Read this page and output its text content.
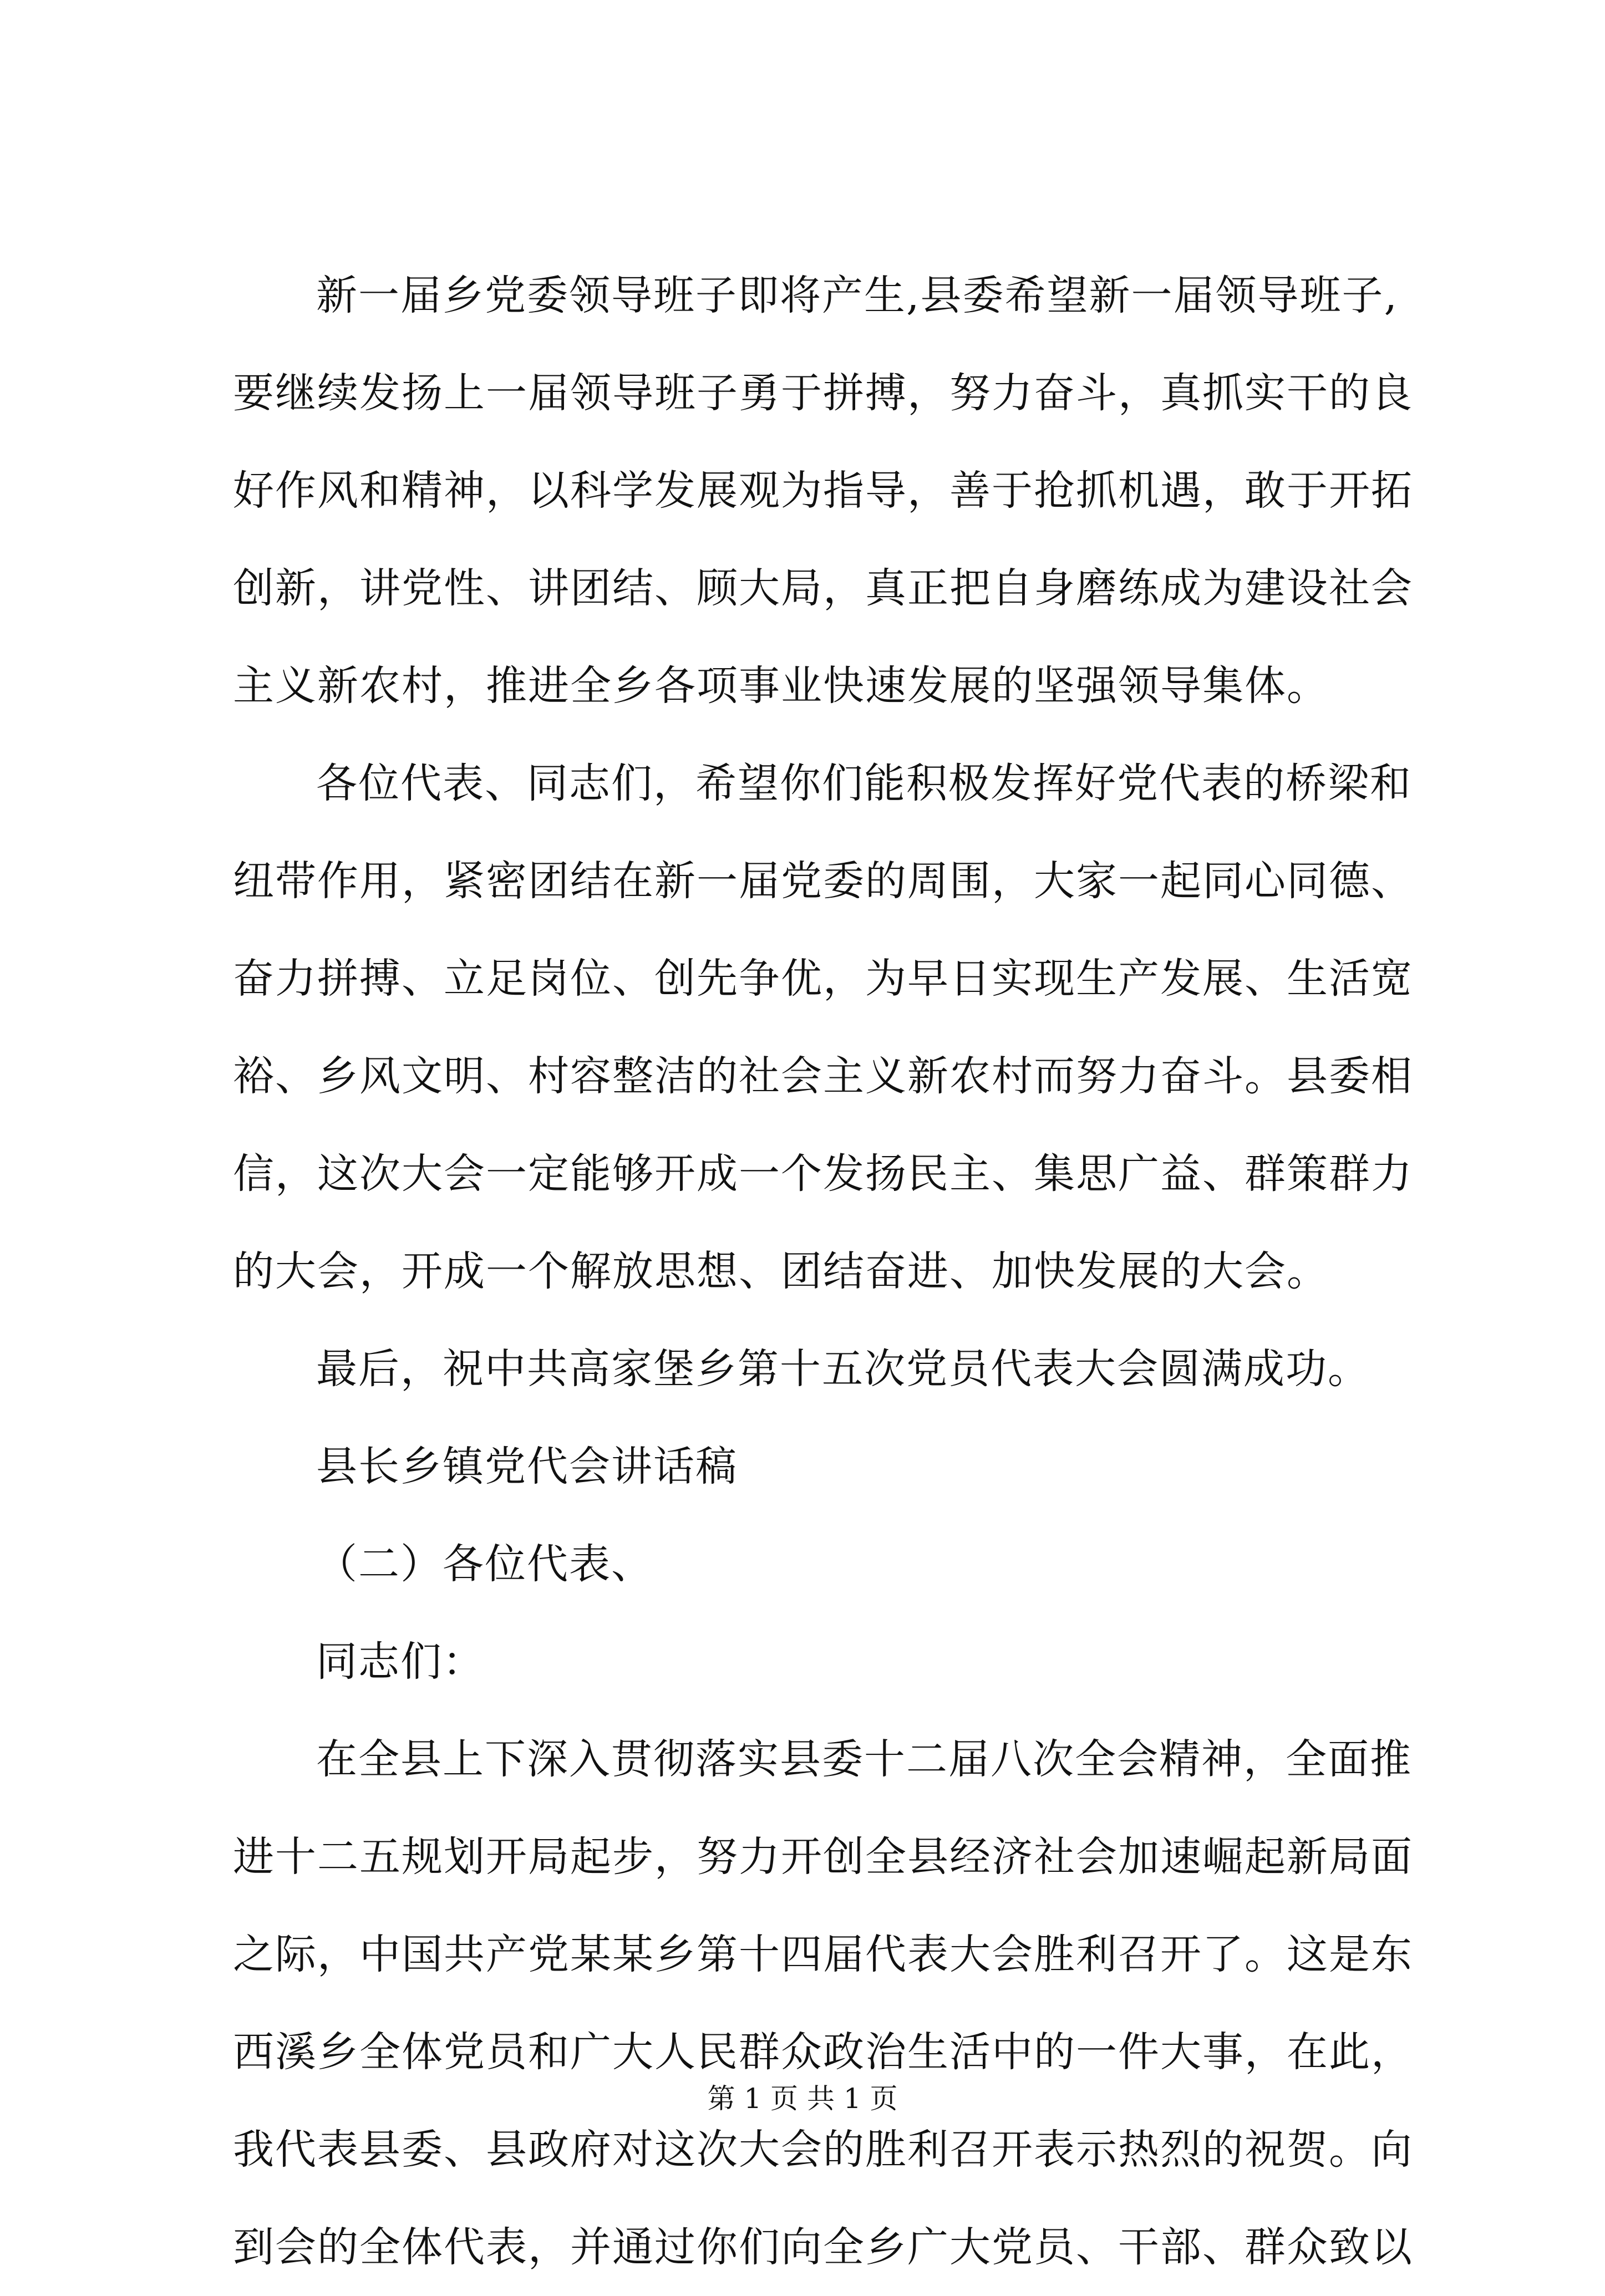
新一届乡党委领导班子即将产生,县委希望新一届领导班子,
要继续发扬上一届领导班子勇于拼搏，努力奋斗，真抓实干的良
好作风和精神，以科学发展观为指导，善于抢抓机遇，敢于开拓
创新，讲党性、讲团结、顾大局，真正把自身磨练成为建设社会
主义新农村，推进全乡各项事业快速发展的坚强领导集体。
各位代表、同志们，希望你们能积极发挥好党代表的桥梁和
纽带作用，紧密团结在新一届党委的周围，大家一起同心同德、
奋力拼搏、立足岗位、创先争优，为早日实现生产发展、生活宽
裕、乡风文明、村容整洁的社会主义新农村而努力奋斗。县委相
信，这次大会一定能够开成一个发扬民主、集思广益、群策群力
的大会，开成一个解放思想、团结奋进、加快发展的大会。
最后，祝中共高家堡乡第十五次党员代表大会圆满成功。
县长乡镇党代会讲话稿
（二）各位代表、
同志们：
在全县上下深入贯彻落实县委十二届八次全会精神，全面推
进十二五规划开局起步，努力开创全县经济社会加速崛起新局面
之际，中国共产党某某乡第十四届代表大会胜利召开了。这是东
西溪乡全体党员和广大人民群众政治生活中的一件大事，在此，
我代表县委、县政府对这次大会的胜利召开表示热烈的祝贺。向
到会的全体代表，并通过你们向全乡广大党员、干部、群众致以
第 1 页 共 1 页
